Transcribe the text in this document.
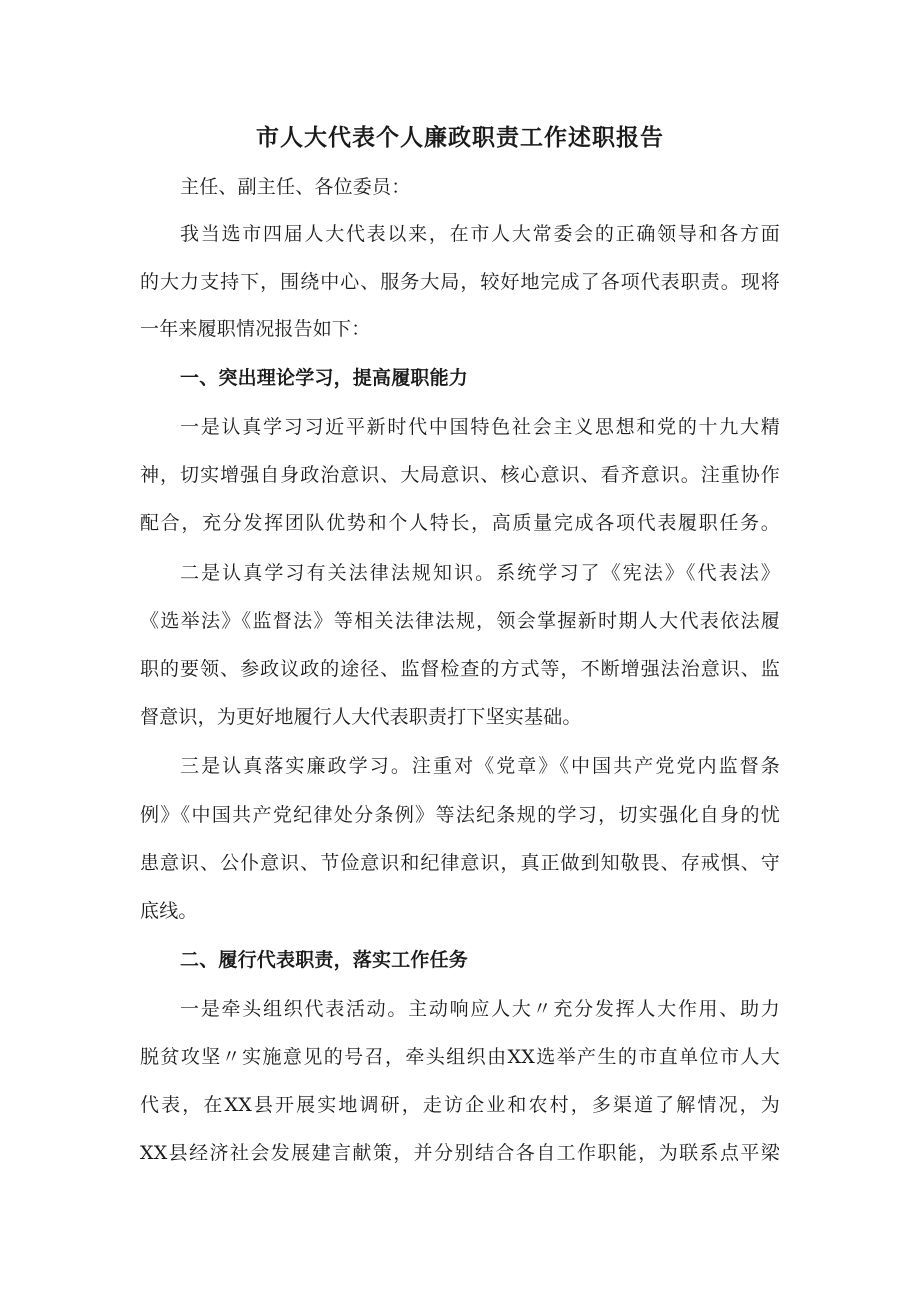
市人大代表个人廉政职责工作述职报告
主任、副主任、各位委员：
我当选市四届人大代表以来，在市人大常委会的正确领导和各方面
的大力支持下，围绕中心、服务大局，较好地完成了各项代表职责。现将
一年来履职情况报告如下：
一、突出理论学习，提高履职能力
一是认真学习习近平新时代中国特色社会主义思想和党的十九大精
神，切实增强自身政治意识、大局意识、核心意识、看齐意识。注重协作
配合，充分发挥团队优势和个人特长，高质量完成各项代表履职任务。
二是认真学习有关法律法规知识。系统学习了《宪法》《代表法》
《选举法》《监督法》等相关法律法规，领会掌握新时期人大代表依法履
职的要领、参政议政的途径、监督检查的方式等，不断增强法治意识、监
督意识，为更好地履行人大代表职责打下坚实基础。
三是认真落实廉政学习。注重对《党章》《中国共产党党内监督条
例》《中国共产党纪律处分条例》等法纪条规的学习，切实强化自身的忧
患意识、公仆意识、节俭意识和纪律意识，真正做到知敬畏、存戒惧、守
底线。
二、履行代表职责，落实工作任务
一是牵头组织代表活动。主动响应人大〃充分发挥人大作用、助力
脱贫攻坚〃实施意见的号召，牵头组织由XX选举产生的市直单位市人大
代表，在XX县开展实地调研，走访企业和农村，多渠道了解情况，为
XX县经济社会发展建言献策，并分别结合各自工作职能，为联系点平梁
